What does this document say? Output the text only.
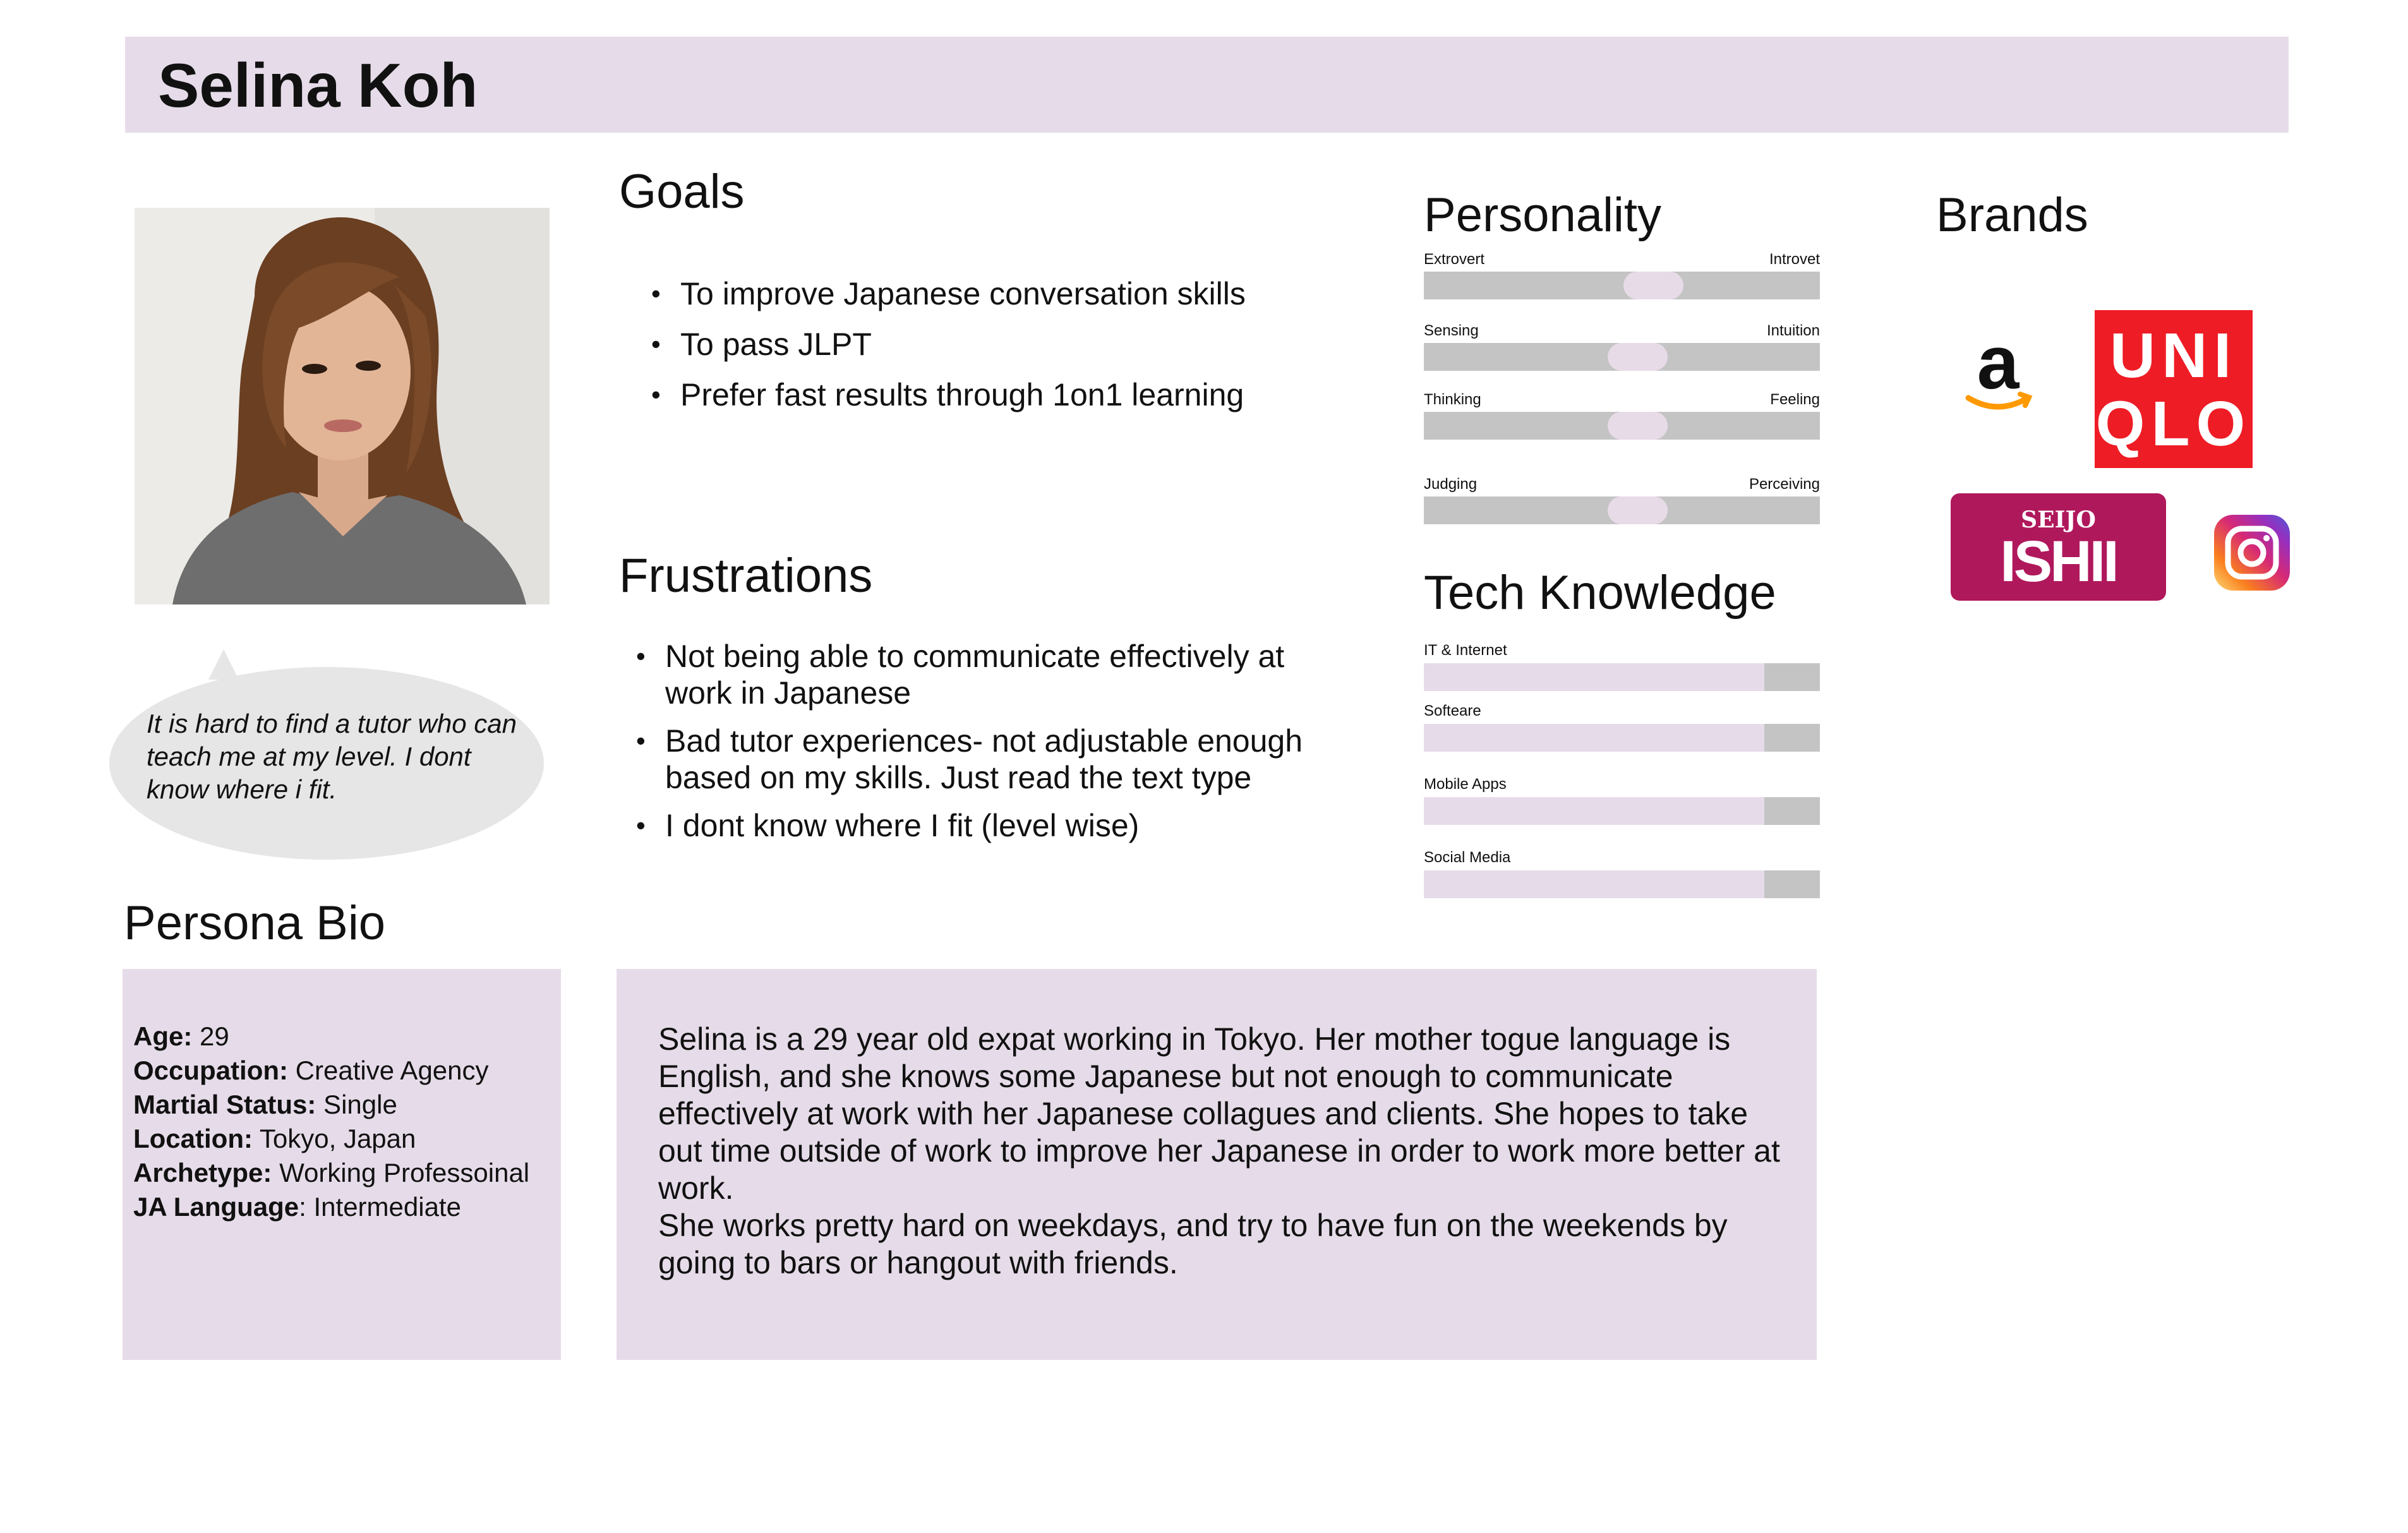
Selina Koh
It is hard to find a tutor who can teach me at my level. I dont know where i fit.
Goals
• To improve Japanese conversation skills
• To pass JLPT
• Prefer fast results through 1on1 learning
Frustrations
• Not being able to communicate effectively at work in Japanese
• Bad tutor experiences- not adjustable enough based on my skills. Just read the text type
• I dont know where I fit (level wise)
Personality
Extrovert	Introvet
Sensing	Intuition
Thinking	Feeling
Judging	Perceiving
Tech Knowledge
IT & Internet
Softeare
Mobile Apps
Social Media
Brands
a UNI
QLO
SEIJO
ISHII
Persona Bio
Age: 29
Occupation: Creative Agency
Martial Status: Single
Location: Tokyo, Japan
Archetype: Working Professoinal
JA Language: Intermediate
Selina is a 29 year old expat working in Tokyo. Her mother togue language is English, and she knows some Japanese but not enough to communicate effectively at work with her Japanese collagues and clients. She hopes to take out time outside of work to improve her Japanese in order to work more better at work.
She works pretty hard on weekdays, and try to have fun on the weekends by going to bars or hangout with friends.
